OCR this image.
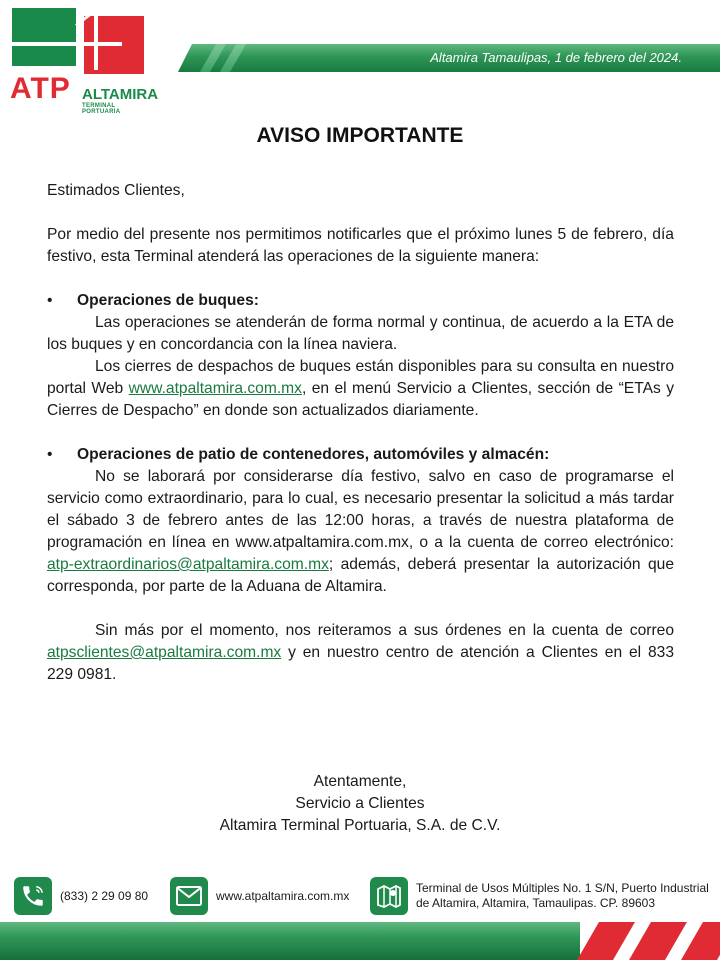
ATP ALTAMIRA
TERMINAL PORTUARIA
Altamira Tamaulipas, 1 de febrero del 2024.
AVISO IMPORTANTE

Estimados Clientes,

Por medio del presente nos permitimos notificarles que el próximo lunes 5 de febrero, día festivo, esta Terminal atenderá las operaciones de la siguiente manera:

• Operaciones de buques:

Las operaciones se atenderán de forma normal y continua, de acuerdo a la ETA de los buques y en concordancia con la línea naviera.

Los cierres de despachos de buques están disponibles para su consulta en nuestro portal Web www.atpaltamira.com.mx, en el menú Servicio a Clientes, sección de “ETAs y Cierres de Despacho” en donde son actualizados diariamente.

• Operaciones de patio de contenedores, automóviles y almacén:

No se laborará por considerarse día festivo, salvo en caso de programarse el servicio como extraordinario, para lo cual, es necesario presentar la solicitud a más tardar el sábado 3 de febrero antes de las 12:00 horas, a través de nuestra plataforma de programación en línea en www.atpaltamira.com.mx, o a la cuenta de correo electrónico: atp-extraordinarios@atpaltamira.com.mx; además, deberá presentar la autorización que corresponda, por parte de la Aduana de Altamira.

Sin más por el momento, nos reiteramos a sus órdenes en la cuenta de correo atpsclientes@atpaltamira.com.mx y en nuestro centro de atención a Clientes en el 833 229 0981.

Atentamente,

Servicio a Clientes

Altamira Terminal Portuaria, S.A. de C.V.

(833) 2 29 09 80	www.atpaltamira.com.mx
Terminal de Usos Múltiples No. 1 S/N, Puerto Industrial
de Altamira, Altamira, Tamaulipas. CP. 89603
